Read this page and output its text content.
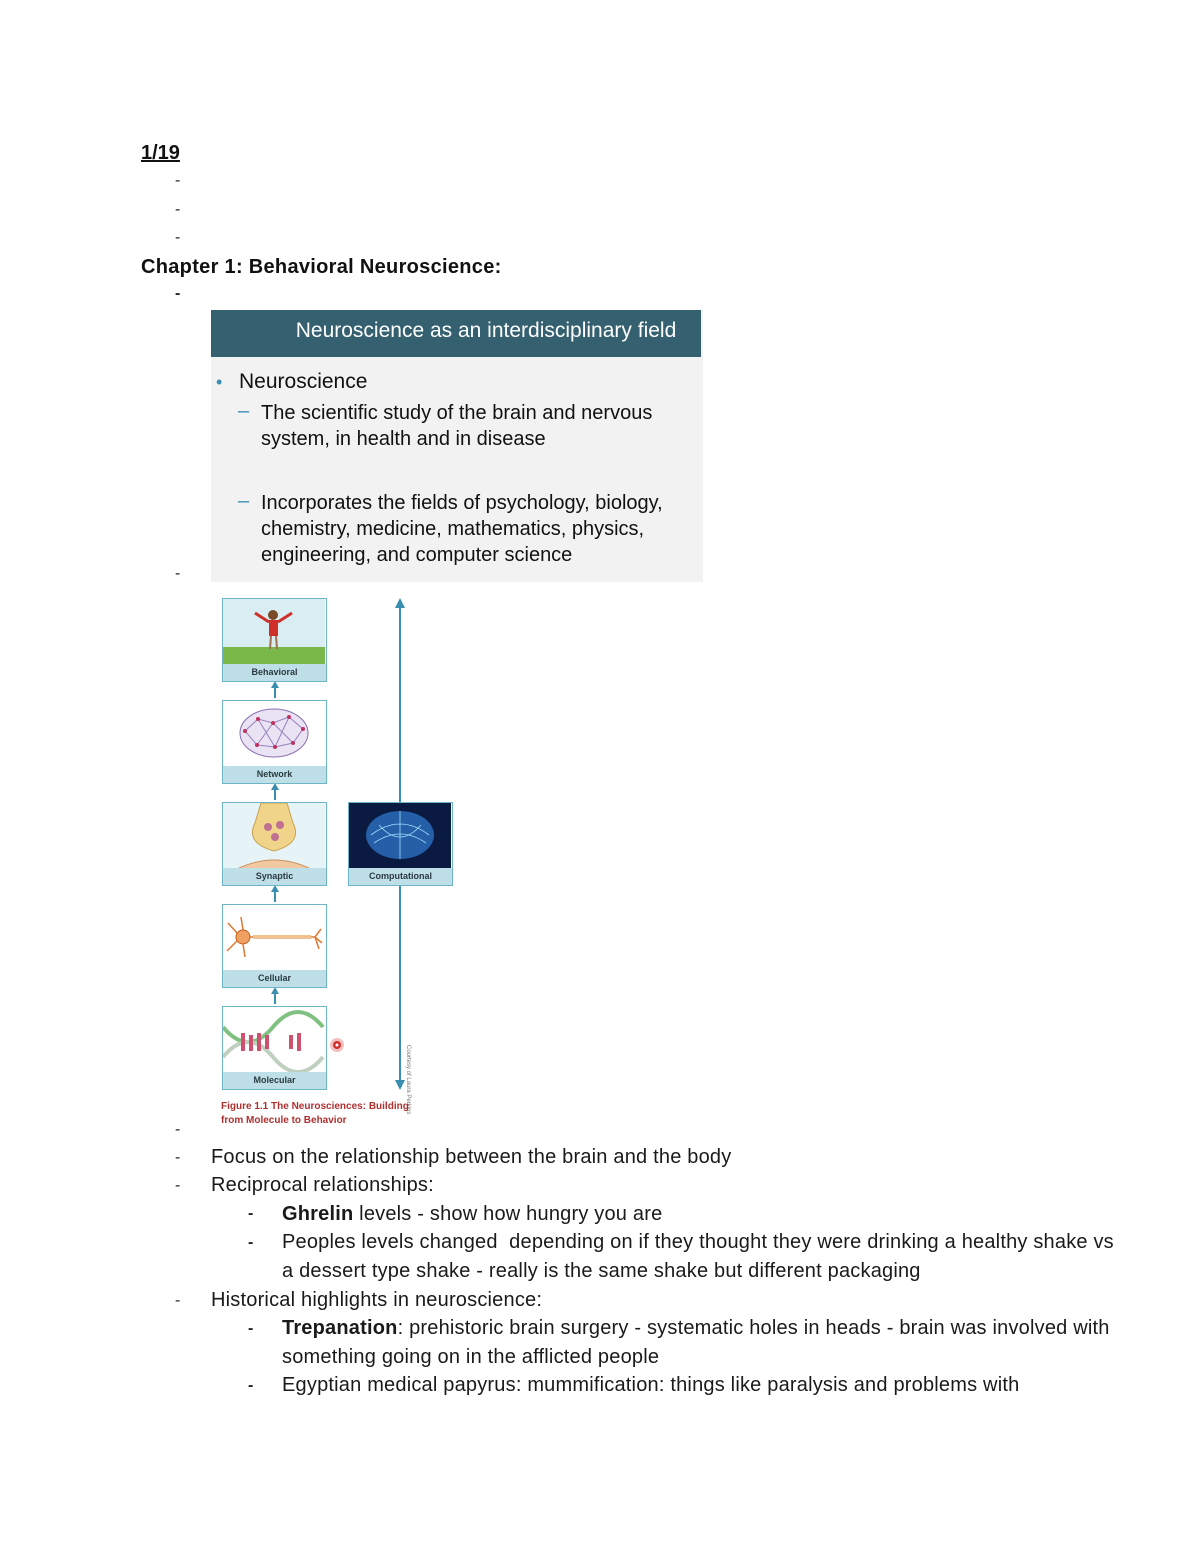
1/19
-
-
-
Chapter 1: Behavioral Neuroscience:
-
Neuroscience as an interdisciplinary field
• Neuroscience
– The scientific study of the brain and nervous
system, in health and in disease
– Incorporates the fields of psychology, biology,
chemistry, medicine, mathematics, physics,
engineering, and computer science
-
Behavioral
Network
Synaptic	Computational
Cellular
Molecular	Courtesy of Laura Perkins
Figure 1.1 The Neurosciences: Building
from Molecule to Behavior
-
- Focus on the relationship between the brain and the body
- Reciprocal relationships:
- Ghrelin levels - show how hungry you are
- Peoples levels changed  depending on if they thought they were drinking a healthy shake vs
a dessert type shake - really is the same shake but different packaging
- Historical highlights in neuroscience:
- Trepanation: prehistoric brain surgery - systematic holes in heads - brain was involved with
something going on in the afflicted people
- Egyptian medical papyrus: mummification: things like paralysis and problems with
